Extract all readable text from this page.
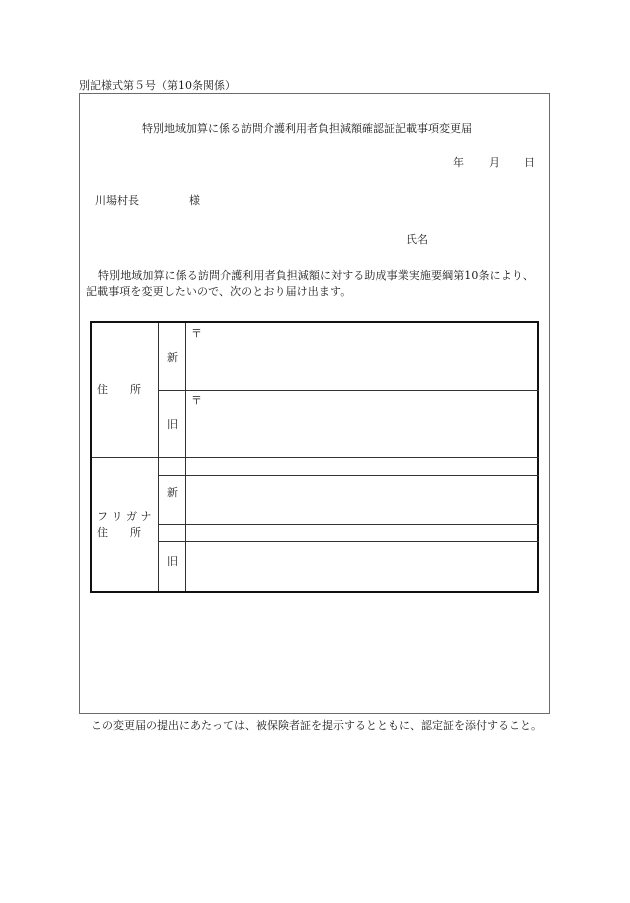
別記様式第５号（第10条関係）
特別地域加算に係る訪問介護利用者負担減額確認証記載事項変更届
年 月 日
川場村長	様
氏名
特別地域加算に係る訪問介護利用者負担減額に対する助成事業実施要綱第10条により、記載事項を変更したいので、次のとおり届け出ます。
住　　所
新
旧
〒
〒
フ リ ガ ナ
住　　所
新
旧
この変更届の提出にあたっては、被保険者証を提示するとともに、認定証を添付すること。
